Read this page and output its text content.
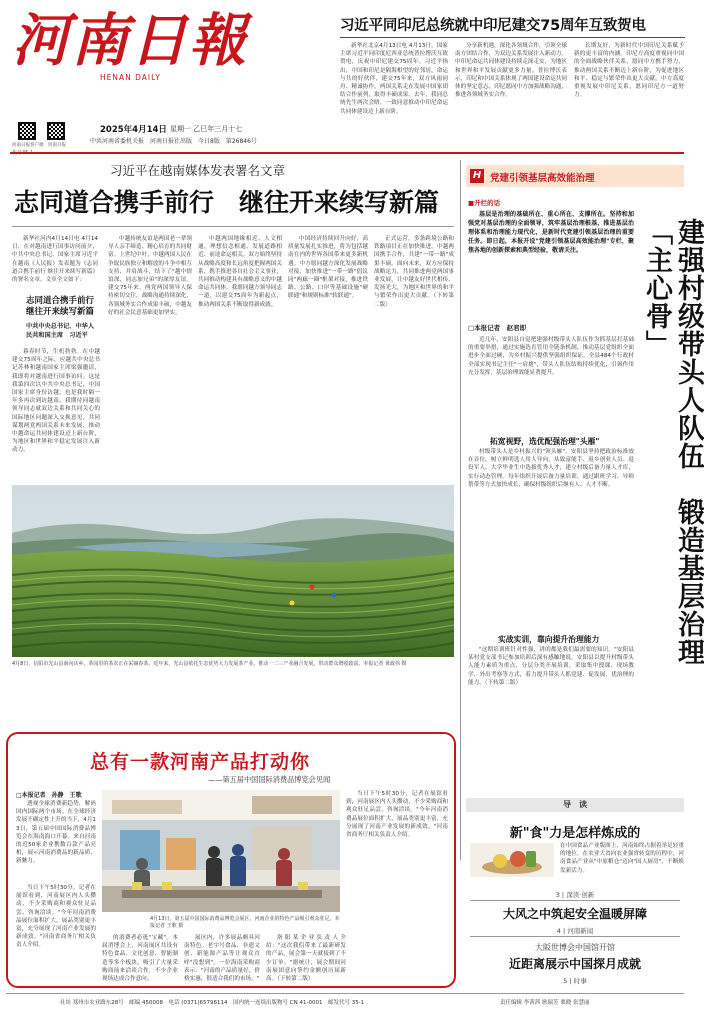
河南日報
HENAN DAILY
河南日报客户端　河南日报
2025年4月14日 星期一 乙巳年三月十七
中共河南省委机关报　河南日报社出版　今日8版　第26846号
习近平同印尼总统就中印尼建交75周年互致贺电
新华社北京4月13日电 4月13日，国家主席习近平同印度尼西亚总统普拉博沃互致贺电，庆祝中印尼建交75周年。习近平指出，中国和印尼是隔海相望的好邻居，命运与共的好伙伴，建交75年来，双方风雨同舟、精诚协作，两国关系走在发展中国家团结合作前列，取得丰硕成果。去年，我同总统先生两次会晤，一致同意推动中印尼命运共同体建设迈上新台阶。
分享新机遇，深化各领域合作，引领全球南方团结合作，为双边关系发展注入新动力。中印尼命运共同体建设持续走深走实，为地区和世界和平发展贡献更多力量。普拉博沃表示，印尼和中国关系体现了两国建设命运共同体的坚定意志，印尼愿同中方加强战略沟通，推进各领域务实合作。
长期友好，为新时代中国印尼关系赋予新的更丰富的内涵。印尼方高度重视同中国的全面战略伙伴关系，愿同中方携手努力，推动两国关系不断迈上新台阶，为促进地区和平、稳定与繁荣作出更大贡献。中方高度重视发展中印尼关系，愿同印尼方一道努力。
习近平在越南媒体发表署名文章
志同道合携手前行　继往开来续写新篇
新华社河内4月14日电 4月14日，在对越南进行国事访问前夕，中共中央总书记、国家主席习近平在越南《人民报》发表题为《志同道合携手前行 继往开来续写新篇》的署名文章。文章全文如下：
志同道合携手前行　继往开来续写新篇
中共中央总书记、中华人民共和国主席　习近平
暮春时节，生机勃勃。在中越建交75周年之际，应越共中央总书记苏林和越南国家主席梁强邀请，我即将对越南进行国事访问。这是我第四次以中共中央总书记、中国国家主席身份访越，也是我时隔一年多再次到访越南。我期待同越南领导同志就双边关系和共同关心的国际地区问题深入交换意见，共同谋划两党两国关系未来发展，推动中越命运共同体建设迈上新台阶，为地区和世界和平稳定发展注入新动力。
中越传统友谊是两国老一辈领导人亲手缔造、精心培育的共同财富。上世纪中叶，中越两国人民在争取民族独立和解放的斗争中相互支持、并肩战斗，结下了"越中情谊深，同志加兄弟"的深厚友谊。建交75年来，两党两国领导人保持密切交往，战略沟通持续深化，各领域务实合作成果丰硕，中越友好的社会民意基础更加坚实。
中越两国地缘相近、人文相通，理想信念相通、发展道路相近、前途命运相关。双方始终坚持从战略高度和长远角度把握两国关系，携手推进各自社会主义事业，共同推动构建具有战略意义的中越命运共同体。我愿同越方领导同志一道，以建交75周年为新起点，推动两国关系不断取得新成就。
中国经济持续回升向好，高质量发展扎实推进，将为包括越南在内的世界各国带来更多新机遇。中方愿同越方深化发展战略对接，加快推进"一带一路"倡议同"两廊一圈"框架对接，推进铁路、公路、口岸等基础设施"硬联通"和规则标准"软联通"。
正式运营。多条跨境公路和铁路项目正在加快推进。中越两国携手合作，共建"一带一路"成果丰硕。面向未来，双方应保持战略定力，共同推进两党两国事业发展，让中越友好世代相传、发扬光大，为地区和世界的和平与繁荣作出更大贡献。（下转第二版）
4月8日，信阳市光山县南向店乡，茶园里的茶农正在采摘春茶。近年来，光山县依托生态优势大力发展茶产业，推动一二三产业融合发展，带动群众增收致富。本报记者 黄政伟 摄
H 党建引领基层高效能治理
■开栏的话
基层是治理的基础所在、重心所在、支撑所在。坚持和加强党对基层治理的全面领导，筑牢基层治理根基，推进基层治理体系和治理能力现代化，是新时代党建引领基层治理的重要任务。即日起，本报开设"党建引领基层高效能治理"专栏，聚焦各地的创新探索和典型经验，敬请关注。	建强村级带头人队伍　锻造基层治理「主心骨」
□本报记者　赵君即
近几年，安阳县自觉把建强村级带头人队伍作为抓基层打基础的重要举措，通过实施选育管用全链条机制，推动基层党组织全面进步全面过硬，为乡村振兴提供坚强组织保证。全县484个行政村全部实现书记主任"一肩挑"，带头人队伍结构持续优化，引领作用充分发挥，基层治理效能显著提升。
拓宽视野，选优配强治理"头雁"
村级带头人是乡村振兴的"领头雁"。安阳县坚持把政治标准放在首位，树立鲜明选人用人导向，从致富能手、返乡创业人员、退役军人、大学毕业生中选拔优秀人才，建立村级后备力量人才库，实行动态管理。每年组织开展后备力量培训，通过跟班学习、导师帮带等方式加快成长，确保村级组织后继有人、人才不断。
实战实训，靠向提升治理能力
"这期培训班针对性强，讲的都是我们最需要的知识。"安阳县某村党支部书记参加培训后深有感触地说。安阳县以提升村级带头人能力素质为重点，分层分类开展培训，采取集中授课、现场教学、外出考察等方式，着力提升带头人抓党建、促发展、优治理的能力。（下转第二版）
总有一款河南产品打动你
——第五届中国国际消费品博览会见闻
□本报记者　孙静　王歌
透视全球消费新趋势，解码国内国际两个市场。在全球经济发展不确定性上升的当下，4月13日，第五届中国国际消费品博览会在海南海口开幕。来自河南的近50家企业携数百款产品亮相，展示河南消费品的新品质、新魅力。
当日下午5时30分，记者在展馆看到，河南展区内人头攒动，不少采购商和观众驻足品尝、咨询洽谈。"今年河南消费品展位面积扩大，展品类别更丰富，充分展现了河南产业发展的新成效。"河南省商务厅相关负责人介绍。
4月13日，第五届中国国际消费品博览会展区，河南企业的特色产品吸引观众驻足。本报记者 王歌 摄
的消费者必逛"宝藏"。本届消博会上，河南展区共设有特色食品、文化创意、智能制造等多个板块，吸引了大量采购商前来洽谈合作，不少企业现场达成合作意向。
展区内，许多展品颇具河南特色。老字号食品、非遗文创、新能源产品等让观众直呼"没想到"。一位海南采购商表示："河南的产品质量好、价格实惠，很适合我们的市场。"
洛阳某企业负责人介绍："这次我们带来了最新研发的产品，展会第一天就接到了不少订单。"据统计，展会期间河南展团意向签约金额创历届新高。（下转第二版）
当日下午5时30分，记者在展馆看到，河南展区内人头攒动，不少采购商和观众驻足品尝、咨询洽谈。"今年河南消费品展位面积扩大，展品类别更丰富，充分展现了河南产业发展的新成效。"河南省商务厅相关负责人介绍。
导　读
新"食"力是怎样炼成的
在中国食品产业版图上，河南始终占据着举足轻重的地位。在农业大省向农业强省转变的历程中，河南食品产业从"中原粮仓"迈向"国人厨房"，不断焕发新活力。
3 | 深读·创新
大风之中筑起安全温暖屏障
4 | 河南新闻
大阪世博会中国馆开馆
近距离展示中国探月成就
5 | 时事
社址 郑州市农业路东28号　邮编 450008　电话 (0371)65796114　国内统一连续出版物号 CN 41-0001　邮发代号 35-1	责任编辑 李茜茜 耿瑞芳 栗晓 张慧丽
